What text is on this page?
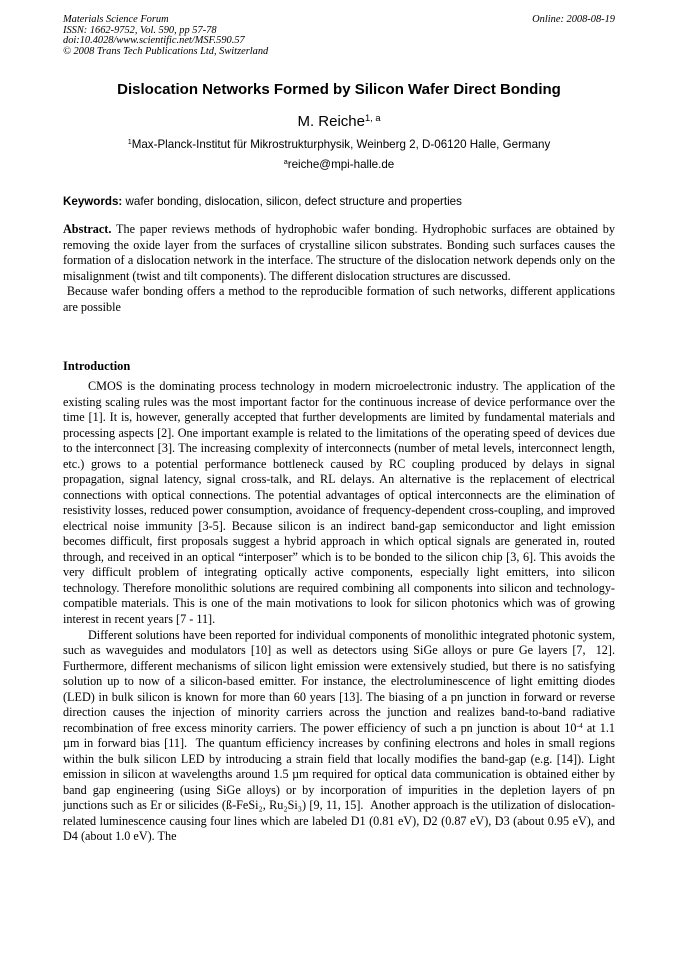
Materials Science Forum
ISSN: 1662-9752, Vol. 590, pp 57-78
doi:10.4028/www.scientific.net/MSF.590.57
© 2008 Trans Tech Publications Ltd, Switzerland
Online: 2008-08-19
Dislocation Networks Formed by Silicon Wafer Direct Bonding
M. Reiche$^{1, a}$
$^1$Max-Planck-Institut für Mikrostrukturphysik, Weinberg 2, D-06120 Halle, Germany
$^a$reiche@mpi-halle.de
Keywords: wafer bonding, dislocation, silicon, defect structure and properties

Abstract. The paper reviews methods of hydrophobic wafer bonding. Hydrophobic surfaces are obtained by removing the oxide layer from the surfaces of crystalline silicon substrates. Bonding such surfaces causes the formation of a dislocation network in the interface. The structure of the dislocation network depends only on the misalignment (twist and tilt components). The different dislocation structures are discussed.

Because wafer bonding offers a method to the reproducible formation of such networks, different applications are possible

Introduction

CMOS is the dominating process technology in modern microelectronic industry. The application of the existing scaling rules was the most important factor for the continuous increase of device performance over the time [1]. It is, however, generally accepted that further developments are limited by fundamental materials and processing aspects [2]. One important example is related to the limitations of the operating speed of devices due to the interconnect [3]. The increasing complexity of interconnects (number of metal levels, interconnect length, etc.) grows to a potential performance bottleneck caused by RC coupling produced by delays in signal propagation, signal latency, signal cross-talk, and RL delays. An alternative is the replacement of electrical connections with optical connections. The potential advantages of optical interconnects are the elimination of resistivity losses, reduced power consumption, avoidance of frequency-dependent cross-coupling, and improved electrical noise immunity [3-5]. Because silicon is an indirect band-gap semiconductor and light emission becomes difficult, first proposals suggest a hybrid approach in which optical signals are generated in, routed through, and received in an optical “interposer” which is to be bonded to the silicon chip [3, 6]. This avoids the very difficult problem of integrating optically active components, especially light emitters, into silicon technology. Therefore monolithic solutions are required combining all components into silicon and technology-compatible materials. This is one of the main motivations to look for silicon photonics which was of growing interest in recent years [7 - 11].

Different solutions have been reported for individual components of monolithic integrated photonic system, such as waveguides and modulators [10] as well as detectors using SiGe alloys or pure Ge layers [7,  12]. Furthermore, different mechanisms of silicon light emission were extensively studied, but there is no satisfying solution up to now of a silicon-based emitter. For instance, the electroluminescence of light emitting diodes (LED) in bulk silicon is known for more than 60 years [13]. The biasing of a pn junction in forward or reverse direction causes the injection of minority carriers across the junction and realizes band-to-band radiative recombination of free excess minority carriers. The power efficiency of such a pn junction is about $10^{-4}$ at 1.1 µm in forward bias [11].  The quantum efficiency increases by confining electrons and holes in small regions within the bulk silicon LED by introducing a strain field that locally modifies the band-gap (e.g. [14]). Light emission in silicon at wavelengths around 1.5 µm required for optical data communication is obtained either by band gap engineering (using SiGe alloys) or by incorporation of impurities in the depletion layers of pn junctions such as Er or silicides (ß-FeSi₂, Ru₂Si₃) [9, 11, 15].  Another approach is the utilization of dislocation-related luminescence causing four lines which are labeled D1 (0.81 eV), D2 (0.87 eV), D3 (about 0.95 eV), and D4 (about 1.0 eV). The
